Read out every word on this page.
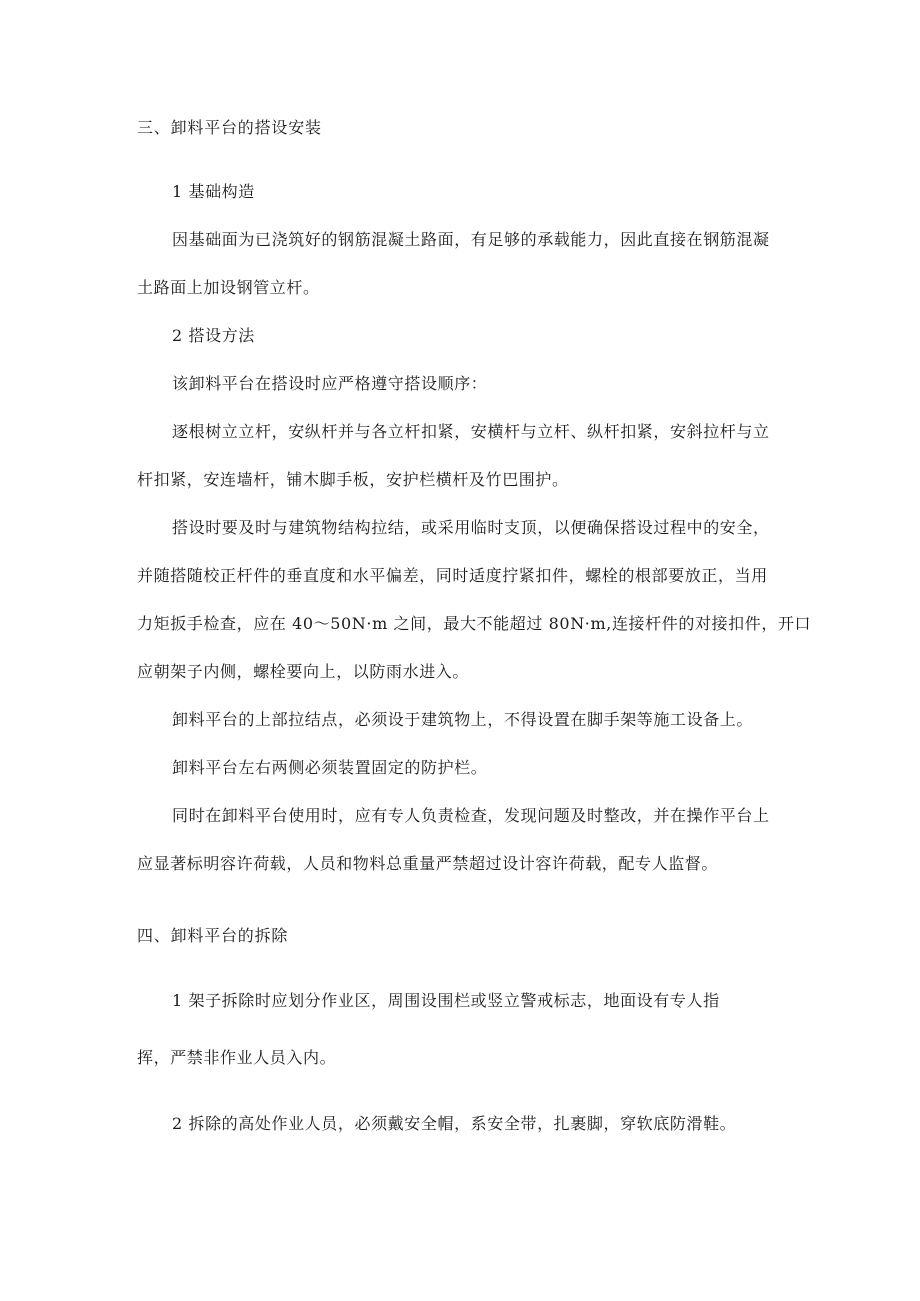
三、卸料平台的搭设安装
1 基础构造
因基础面为已浇筑好的钢筋混凝土路面，有足够的承载能力，因此直接在钢筋混凝
土路面上加设钢管立杆。
2 搭设方法
该卸料平台在搭设时应严格遵守搭设顺序：
逐根树立立杆，安纵杆并与各立杆扣紧，安横杆与立杆、纵杆扣紧，安斜拉杆与立
杆扣紧，安连墙杆，铺木脚手板，安护栏横杆及竹巴围护。
搭设时要及时与建筑物结构拉结，或采用临时支顶，以便确保搭设过程中的安全，
并随搭随校正杆件的垂直度和水平偏差，同时适度拧紧扣件，螺栓的根部要放正，当用
力矩扳手检查，应在 40～50N·m 之间，最大不能超过 80N·m,连接杆件的对接扣件，开口
应朝架子内侧，螺栓要向上，以防雨水进入。
卸料平台的上部拉结点，必须设于建筑物上，不得设置在脚手架等施工设备上。
卸料平台左右两侧必须装置固定的防护栏。
同时在卸料平台使用时，应有专人负责检查，发现问题及时整改，并在操作平台上
应显著标明容许荷载，人员和物料总重量严禁超过设计容许荷载，配专人监督。
四、卸料平台的拆除
1 架子拆除时应划分作业区，周围设围栏或竖立警戒标志，地面设有专人指
挥，严禁非作业人员入内。
2 拆除的高处作业人员，必须戴安全帽，系安全带，扎裹脚，穿软底防滑鞋。
